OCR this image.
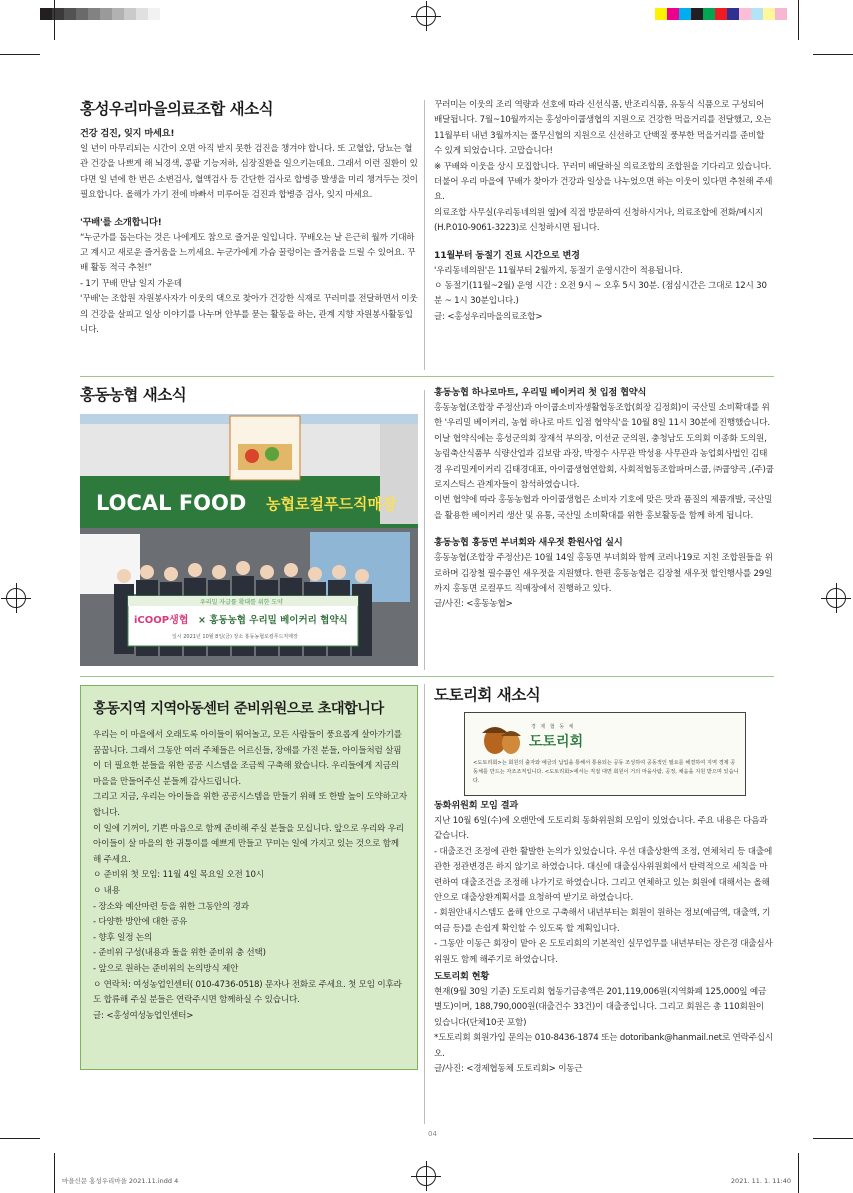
마을신문 홍성우리마을 2021.11.indd 4	2021. 11. 1. 11:40
홍성우리마을의료조합 새소식
건강 검진, 잊지 마세요!

일 년이 마무리되는 시간이 오면 아직 받지 못한 검진을 챙겨야 합니다. 또 고혈압, 당뇨는 혈관 건강을 나쁘게 해 뇌경색, 콩팥 기능저하, 심장질환을 일으키는데요. 그래서 이런 질환이 있다면 일 년에 한 번은 소변검사, 혈액검사 등 간단한 검사로 합병증 발생을 미리 챙겨두는 것이 필요합니다. 올해가 가기 전에 바빠서 미루어둔 검진과 합병증 검사, 잊지 마세요.

'꾸배'를 소개합니다!

“누군가를 돕는다는 것은 나에게도 참으로 즐거운 일입니다. 꾸배오는 날 은근히 월까 기대하고 계시고 새로운 즐거움을 느끼세요. 누군가에게 가슴 꿀렁이는 즐거움을 드릴 수 있어요. 꾸배 활동 적극 추천!”

- 1기 꾸배 만남 일지 가운데

'꾸배'는 조합원 자원봉사자가 이웃의 댁으로 찾아가 건강한 식재로 꾸러미를 전달하면서 이웃의 건강을 살피고 일상 이야기를 나누며 안부를 묻는 활동을 하는, 관계 지향 자원봉사활동입니다.

꾸러미는 이웃의 조리 역량과 선호에 따라 신선식품, 반조리식품, 유동식 식품으로 구성되어 배달됩니다. 7월~10월까지는 홍성아이쿱생협의 지원으로 건강한 먹을거리를 전달했고, 오는 11월부터 내년 3월까지는 풀무신협의 지원으로 신선하고 단백질 풍부한 먹을거리를 준비할 수 있게 되었습니다. 고맙습니다!

※ 꾸배와 이웃을 상시 모집합니다. 꾸러미 배달하실 의료조합의 조합원을 기다리고 있습니다. 더불어 우리 마을에 꾸배가 찾아가 건강과 일상을 나누었으면 하는 이웃이 있다면 추천해 주세요.

의료조합 사무실(우리동네의원 옆)에 직접 방문하여 신청하시거나, 의료조합에 전화/메시지(H.P.010-9061-3223)로 신청하시면 됩니다.

11월부터 동절기 진료 시간으로 변경

'우리동네의원'은 11월부터 2월까지, 동절기 운영시간이 적용됩니다.

ㅇ 동절기(11월~2월) 운영 시간 : 오전 9시 ~ 오후 5시 30분. (점심시간은 그대로 12시 30분 ~ 1시 30분입니다.)

글: <홍성우리마을의료조합>

홍동농협 새소식
LOCAL FOOD 농협로컬푸드직매장
우리밀 자급률 확대를 위한 도약
iCOOP생협 × 홍동농협 우리밀 베이커리 협약식
일시 2021년 10월 8일(금) 장소 홍동농협로컬푸드직매장
홍동농협 하나로마트, 우리밀 베이커리 첫 입점 협약식

홍동농협(조합장 주정산)과 아이쿱소비자생활협동조합(회장 김정회)이 국산밀 소비확대를 위한 '우리밀 베이커리, 농협 하나로 마트 입점 협약식'을 10월 8일 11시 30분에 진행했습니다.

이날 협약식에는 홍성군의회 장재석 부의장, 이선균 군의원, 충청남도 도의회 이종화 도의원, 농림축산식품부 식량산업과 김보람 과장, 박정수 사무관 박성용 사무관과 농업회사법인 김태경 우리밀케이커리 김태경대표, 아이쿱생협연합회, 사회적협동조합파머스쿱, ㈜쿱양곡 ,(주)쿱로지스틱스 관계자들이 참석하였습니다.

이번 협약에 따라 홍동농협과 아이쿱생협은 소비자 기호에 맞은 맛과 품질의 제품개발, 국산밀을 활용한 베이커리 생산 및 유통, 국산밀 소비확대를 위한 홍보활동을 함께 하게 됩니다.

홍동농협 홍동면 부녀회와 새우젓 환원사업 실시

홍동농협(조합장 주정산)은 10월 14일 홍동면 부녀회와 함께 코러나19로 지친 조합원들을 위로하며 김장철 필수품인 새우젓을 지원했다. 한편 홍동농협은 김장철 새우젓 할인행사를 29일까지 홍동면 로컬푸드 직매장에서 진행하고 있다.

글/사진: <홍동농협>

홍동지역 지역아동센터 준비위원으로 초대합니다

우리는 이 마을에서 오래도록 아이들이 뛰어놀고, 모든 사람들이 풍요롭게 살아가기를 꿈꿉니다. 그래서 그동안 여러 주체들은 어르신들, 장애를 가진 분들, 아이들처럼 살핌이 더 필요한 분들을 위한 공공 시스템을 조금씩 구축해 왔습니다. 우리들에게 지금의 마을을 만들어주신 분들께 감사드립니다.

그리고 지금, 우리는 아이들을 위한 공공시스템을 만들기 위해 또 한발 높이 도약하고자 합니다.

이 일에 기꺼이, 기쁜 마음으로 함께 준비해 주실 분들을 모십니다. 앞으로 우리와 우리 아이들이 살 마을의 한 귀퉁이를 예쁘게 만들고 꾸미는 일에 가지고 있는 것으로 함께 해 주세요.

ㅇ 준비위 첫 모임: 11월 4일 목요일 오전 10시

ㅇ 내용

- 장소와 예산마련 등을 위한 그동안의 경과

- 다양한 방안에 대한 공유

- 향후 일정 논의

- 준비위 구성(내용과 돌을 위한 준비위 충 선택)

- 앞으로 원하는 준비위의 논의방식 제안

ㅇ 연락처: 여성농업인센터( 010-4736-0518) 문자나 전화로 주세요. 첫 모임 이후라도 합류해 주실 분들은 연락주시면 함께하실 수 있습니다.

글: <홍성여성농업인센터>

도토리회 새소식
경 제 협 동 체
도토리회
<도토리회>는 회원의 출자와 예금의 납입을 통해서 통용되는 공동 조성하여 공동적인 필요를 해결하여 지역 경제 공동체를 만드는 자조조직입니다. <도토리회>에서는 직접 대면 회원이 거의 마을사람, 공정, 채움을 지원 받으며 있습니다.
동화위원회 모임 결과

지난 10월 6일(수)에 오랜만에 도토리회 동화위원회 모임이 있었습니다. 주요 내용은 다음과 같습니다.

- 대출조건 조정에 관한 활발한 논의가 있었습니다. 우선 대출상환액 조정, 연체처리 등 대출에 관한 정관변경은 하지 않기로 하였습니다. 대신에 대출심사위원회에서 탄력적으로 세칙을 마련하여 대출조건을 조정해 나가기로 하였습니다. 그리고 연체하고 있는 회원에 대해서는 올해 안으로 대출상환계획서를 요청하여 받기로 하였습니다.

- 회원안내시스템도 올해 안으로 구축해서 내년부터는 회원이 원하는 정보(예금액, 대출액, 기여금 등)를 손쉽게 확인할 수 있도록 할 계획입니다.

- 그동안 이동근 회장이 맡아 온 도토리회의 기본적인 실무업무를 내년부터는 장은경 대출심사위원도 함께 해주기로 하였습니다.

도토리회 현황

현재(9월 30일 기준) 도토리회 협동기금총액은 201,119,006원(지역화폐 125,000잎 예금별도)이며, 188,790,000원(대출건수 33건)이 대출중입니다. 그리고 회원은 총 110회원이 있습니다(단체10곳 포함)

*도토리회 회원가입 문의는 010-8436-1874 또는 dotoribank@hanmail.net로 연락주십시오.

글/사진: <경제협동체 도토리회> 이동근

04
